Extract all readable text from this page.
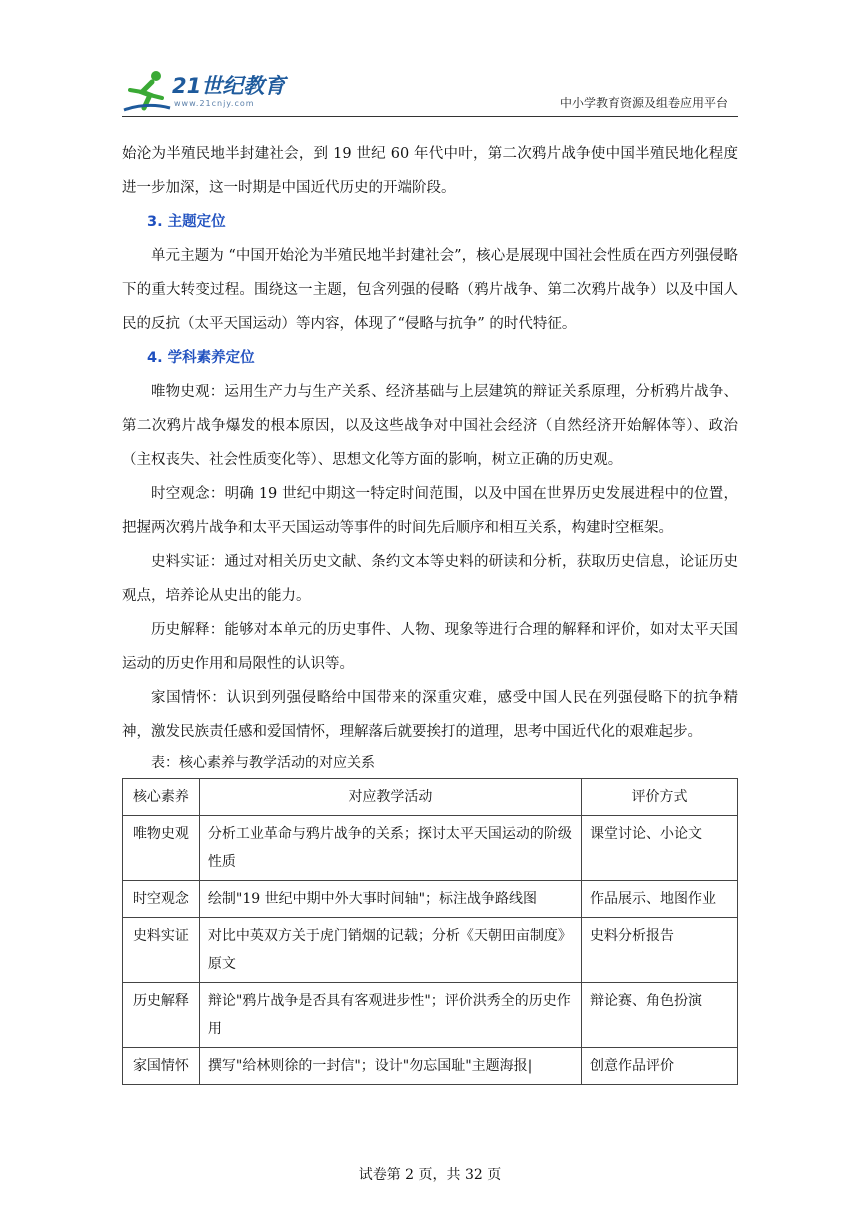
21世纪教育
www.21cnjy.com	中小学教育资源及组卷应用平台

始沦为半殖民地半封建社会，到 19 世纪 60 年代中叶，第二次鸦片战争使中国半殖民地化程度进一步加深，这一时期是中国近代历史的开端阶段。

3. 主题定位

单元主题为 “中国开始沦为半殖民地半封建社会”，核心是展现中国社会性质在西方列强侵略下的重大转变过程。围绕这一主题，包含列强的侵略（鸦片战争、第二次鸦片战争）以及中国人民的反抗（太平天国运动）等内容，体现了“侵略与抗争” 的时代特征。

4. 学科素养定位

唯物史观：运用生产力与生产关系、经济基础与上层建筑的辩证关系原理，分析鸦片战争、第二次鸦片战争爆发的根本原因，以及这些战争对中国社会经济（自然经济开始解体等）、政治（主权丧失、社会性质变化等）、思想文化等方面的影响，树立正确的历史观。

时空观念：明确 19 世纪中期这一特定时间范围，以及中国在世界历史发展进程中的位置，把握两次鸦片战争和太平天国运动等事件的时间先后顺序和相互关系，构建时空框架。

史料实证：通过对相关历史文献、条约文本等史料的研读和分析，获取历史信息，论证历史观点，培养论从史出的能力。

历史解释：能够对本单元的历史事件、人物、现象等进行合理的解释和评价，如对太平天国运动的历史作用和局限性的认识等。

家国情怀：认识到列强侵略给中国带来的深重灾难，感受中国人民在列强侵略下的抗争精神，激发民族责任感和爱国情怀，理解落后就要挨打的道理，思考中国近代化的艰难起步。

表：核心素养与教学活动的对应关系

核心素养	对应教学活动	评价方式
唯物史观	分析工业革命与鸦片战争的关系；探讨太平天国运动的阶级性质	课堂讨论、小论文
时空观念	绘制"19 世纪中期中外大事时间轴"；标注战争路线图	作品展示、地图作业
史料实证	对比中英双方关于虎门销烟的记载；分析《天朝田亩制度》原文	史料分析报告
历史解释	辩论"鸦片战争是否具有客观进步性"；评价洪秀全的历史作用	辩论赛、角色扮演
家国情怀	撰写"给林则徐的一封信"；设计"勿忘国耻"主题海报|	创意作品评价
试卷第 2 页，共 32 页
